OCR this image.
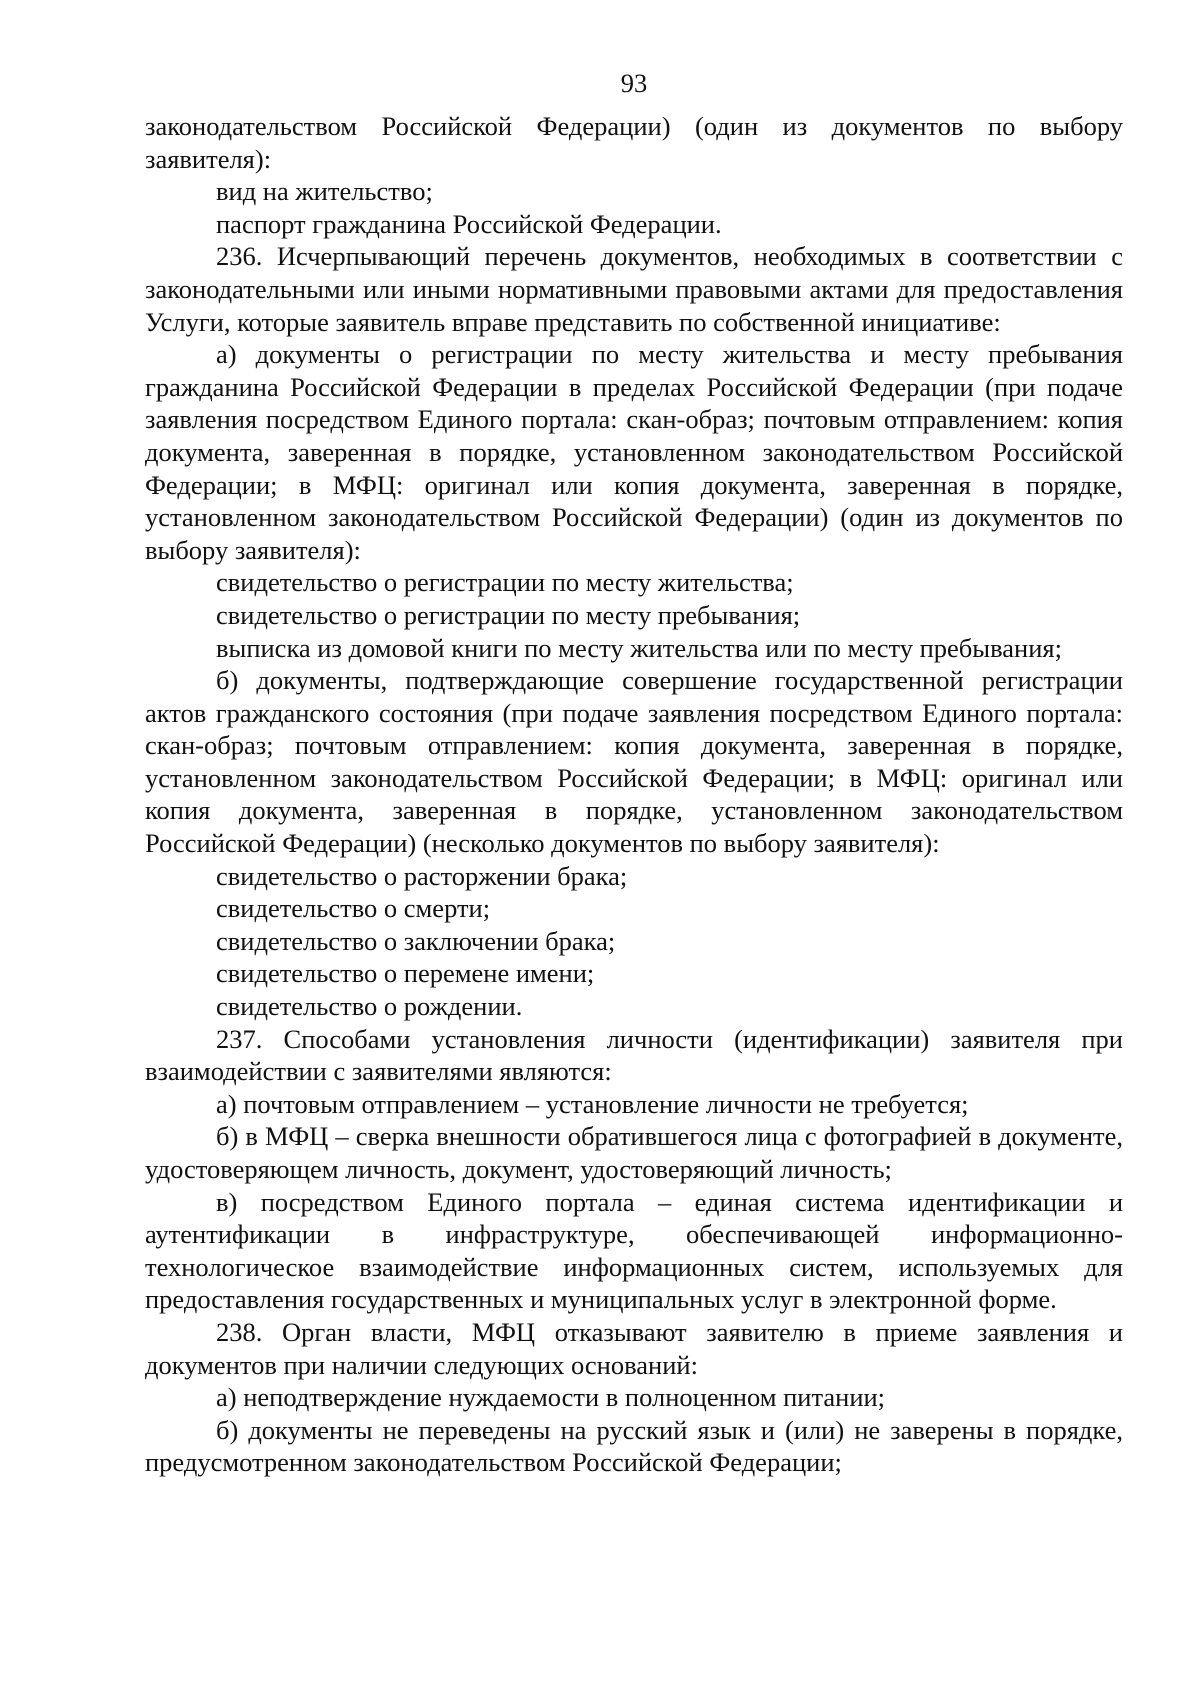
93

законодательством Российской Федерации) (один из документов по выбору заявителя):

вид на жительство;

паспорт гражданина Российской Федерации.

236. Исчерпывающий перечень документов, необходимых в соответствии с законодательными или иными нормативными правовыми актами для предоставления Услуги, которые заявитель вправе представить по собственной инициативе:

а) документы о регистрации по месту жительства и месту пребывания гражданина Российской Федерации в пределах Российской Федерации (при подаче заявления посредством Единого портала: скан-образ; почтовым отправлением: копия документа, заверенная в порядке, установленном законодательством Российской Федерации; в МФЦ: оригинал или копия документа, заверенная в порядке, установленном законодательством Российской Федерации) (один из документов по выбору заявителя):

свидетельство о регистрации по месту жительства;

свидетельство о регистрации по месту пребывания;

выписка из домовой книги по месту жительства или по месту пребывания;

б) документы, подтверждающие совершение государственной регистрации актов гражданского состояния (при подаче заявления посредством Единого портала: скан-образ; почтовым отправлением: копия документа, заверенная в порядке, установленном законодательством Российской Федерации; в МФЦ: оригинал или копия документа, заверенная в порядке, установленном законодательством Российской Федерации) (несколько документов по выбору заявителя):

свидетельство о расторжении брака;

свидетельство о смерти;

свидетельство о заключении брака;

свидетельство о перемене имени;

свидетельство о рождении.

237. Способами установления личности (идентификации) заявителя при взаимодействии с заявителями являются:

а) почтовым отправлением – установление личности не требуется;

б) в МФЦ – сверка внешности обратившегося лица с фотографией в документе, удостоверяющем личность, документ, удостоверяющий личность;

в) посредством Единого портала – единая система идентификации и аутентификации в инфраструктуре, обеспечивающей информационно-технологическое взаимодействие информационных систем, используемых для предоставления государственных и муниципальных услуг в электронной форме.

238. Орган власти, МФЦ отказывают заявителю в приеме заявления и документов при наличии следующих оснований:

а) неподтверждение нуждаемости в полноценном питании;

б) документы не переведены на русский язык и (или) не заверены в порядке, предусмотренном законодательством Российской Федерации;
